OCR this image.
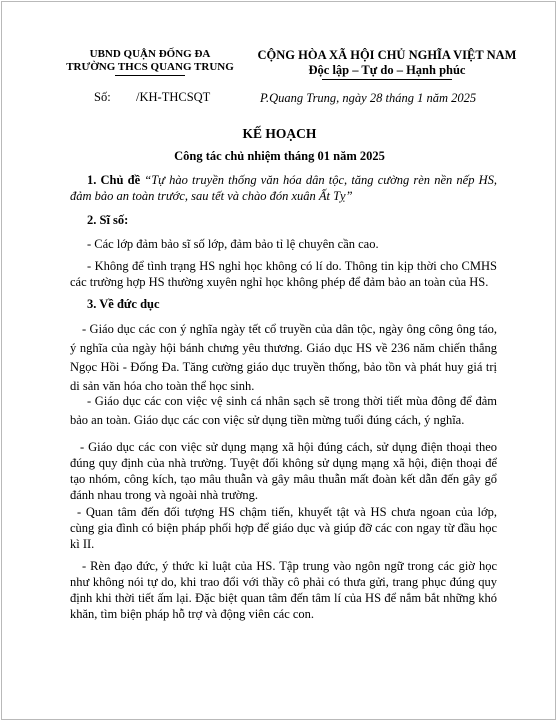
UBND QUẬN ĐỐNG ĐA
TRƯỜNG THCS QUANG TRUNG
CỘNG HÒA XÃ HỘI CHỦ NGHĨA VIỆT NAM
Độc lập – Tự do – Hạnh phúc
Số: /KH-THCSQT	P.Quang Trung, ngày 28 tháng 1 năm 2025
KẾ HOẠCH
Công tác chủ nhiệm tháng 01 năm 2025
1. Chủ đề “Tự hào truyền thống văn hóa dân tộc, tăng cường rèn nền nếp HS, đảm bảo an toàn trước, sau tết và chào đón xuân Ất Tỵ”
2. Sĩ số:
- Các lớp đảm bảo sĩ số lớp, đảm bảo tỉ lệ chuyên cần cao.
- Không để tình trạng HS nghỉ học không có lí do. Thông tin kịp thời cho CMHS các trường hợp HS thường xuyên nghỉ học không phép để đảm bảo an toàn của HS.
3. Về đức dục
- Giáo dục các con ý nghĩa ngày tết cổ truyền của dân tộc, ngày ông công ông táo, ý nghĩa của ngày hội bánh chưng yêu thương. Giáo dục HS về 236 năm chiến thắng Ngọc Hồi - Đống Đa. Tăng cường giáo dục truyền thống, bảo tồn và phát huy giá trị di sản văn hóa cho toàn thể học sinh.
- Giáo dục các con việc vệ sinh cá nhân sạch sẽ trong thời tiết mùa đông để đảm bảo an toàn. Giáo dục các con việc sử dụng tiền mừng tuổi đúng cách, ý nghĩa.
- Giáo dục các con việc sử dụng mạng xã hội đúng cách, sử dụng điện thoại theo đúng quy định của nhà trường. Tuyệt đối không sử dụng mạng xã hội, điện thoại để tạo nhóm, công kích, tạo mâu thuẫn và gây mâu thuẫn mất đoàn kết dẫn đến gây gổ đánh nhau trong và ngoài nhà trường.
- Quan tâm đến đối tượng HS chậm tiến, khuyết tật và HS chưa ngoan của lớp, cùng gia đình có biện pháp phối hợp để giáo dục và giúp đỡ các con ngay từ đầu học kì II.
- Rèn đạo đức, ý thức kỉ luật của HS. Tập trung vào ngôn ngữ trong các giờ học như không nói tự do, khi trao đổi với thầy cô phải có thưa gửi, trang phục đúng quy định khi thời tiết ấm lại. Đặc biệt quan tâm đến tâm lí của HS để nắm bắt những khó khăn, tìm biện pháp hỗ trợ và động viên các con.
